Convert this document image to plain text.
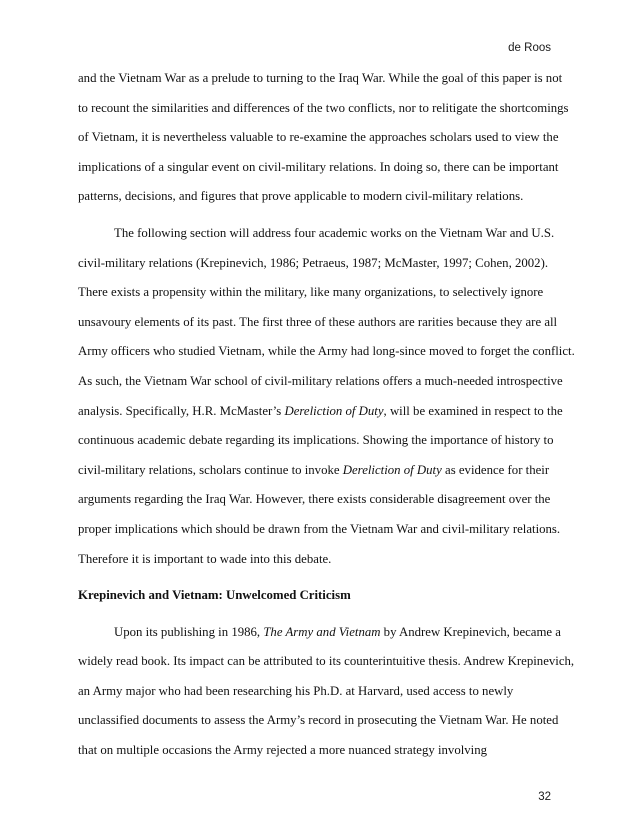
de Roos
and the Vietnam War as a prelude to turning to the Iraq War. While the goal of this paper is not
to recount the similarities and differences of the two conflicts, nor to relitigate the shortcomings
of Vietnam, it is nevertheless valuable to re-examine the approaches scholars used to view the
implications of a singular event on civil-military relations. In doing so, there can be important
patterns, decisions, and figures that prove applicable to modern civil-military relations.
The following section will address four academic works on the Vietnam War and U.S.
civil-military relations (Krepinevich, 1986; Petraeus, 1987; McMaster, 1997; Cohen, 2002).
There exists a propensity within the military, like many organizations, to selectively ignore
unsavoury elements of its past. The first three of these authors are rarities because they are all
Army officers who studied Vietnam, while the Army had long-since moved to forget the conflict.
As such, the Vietnam War school of civil-military relations offers a much-needed introspective
analysis. Specifically, H.R. McMaster’s Dereliction of Duty, will be examined in respect to the
continuous academic debate regarding its implications. Showing the importance of history to
civil-military relations, scholars continue to invoke Dereliction of Duty as evidence for their
arguments regarding the Iraq War. However, there exists considerable disagreement over the
proper implications which should be drawn from the Vietnam War and civil-military relations.
Therefore it is important to wade into this debate.
Krepinevich and Vietnam: Unwelcomed Criticism
Upon its publishing in 1986, The Army and Vietnam by Andrew Krepinevich, became a
widely read book. Its impact can be attributed to its counterintuitive thesis. Andrew Krepinevich,
an Army major who had been researching his Ph.D. at Harvard, used access to newly
unclassified documents to assess the Army’s record in prosecuting the Vietnam War. He noted
that on multiple occasions the Army rejected a more nuanced strategy involving
32
